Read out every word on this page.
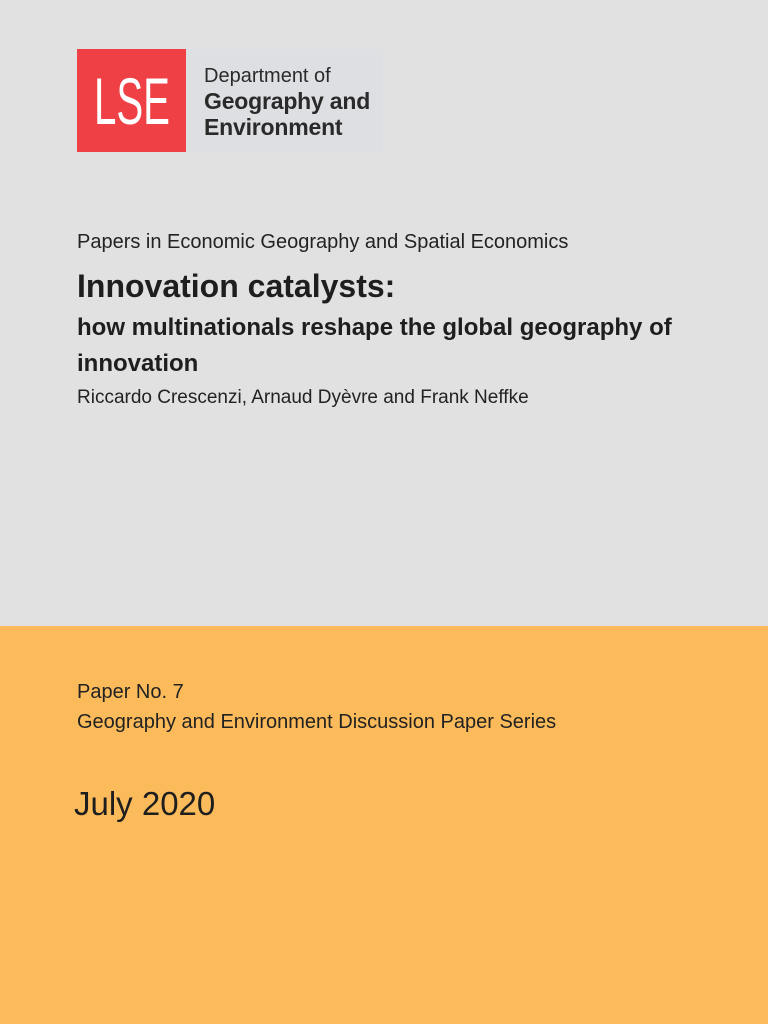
LSE Department of
Geography and
Environment
Papers in Economic Geography and Spatial Economics
Innovation catalysts:
how multinationals reshape the global geography of innovation
Riccardo Crescenzi, Arnaud Dyèvre and Frank Neffke
Paper No. 7
Geography and Environment Discussion Paper Series
July 2020
